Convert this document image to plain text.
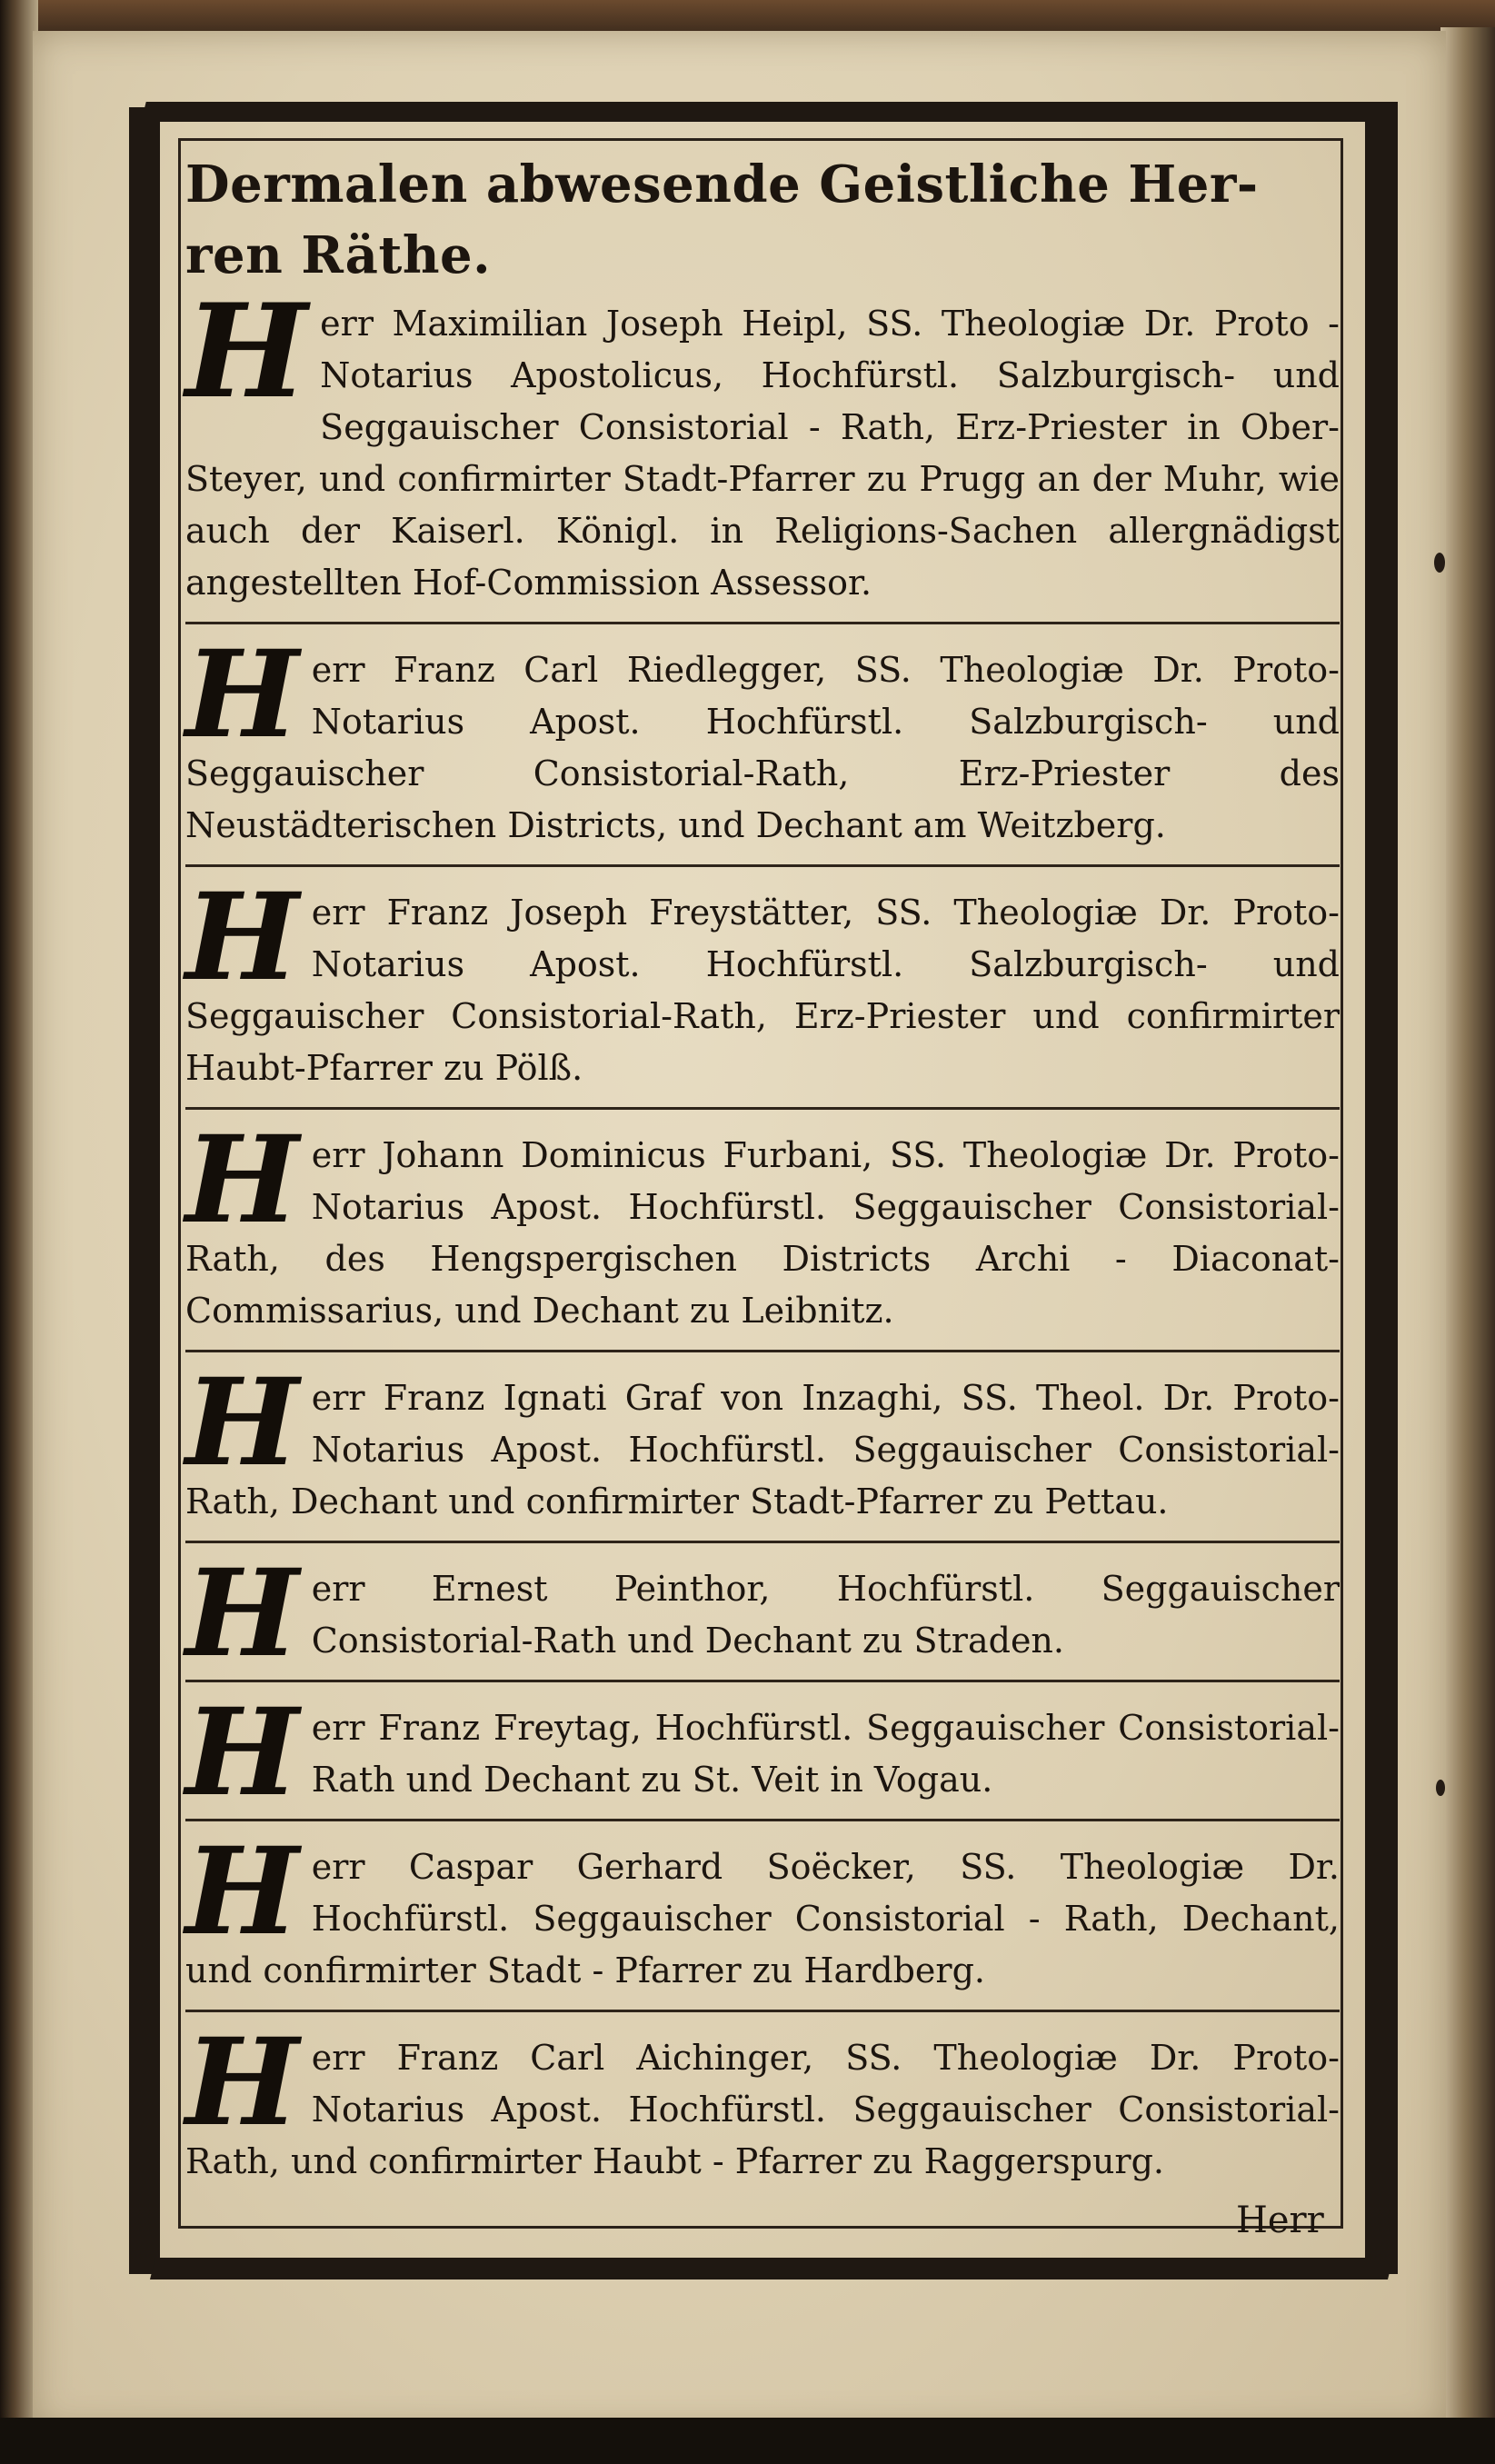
Dermalen abwesende Geistliche Her-
ren Räthe.

H err Maximilian Joseph Heipl, SS. Theologiæ Dr. Proto - Notarius Apostolicus, Hochfürstl. Salzburgisch- und Seggauischer Consistorial - Rath, Erz-Priester in Ober-Steyer, und confirmirter Stadt-Pfarrer zu Prugg an der Muhr, wie auch der Kaiserl. Königl. in Religions-Sachen allergnädigst angestellten Hof-Commission Assessor.

H err Franz Carl Riedlegger, SS. Theologiæ Dr. Proto-Notarius Apost. Hochfürstl. Salzburgisch- und Seggauischer Consistorial-Rath, Erz-Priester des Neustädterischen Districts, und Dechant am Weitzberg.

H err Franz Joseph Freystätter, SS. Theologiæ Dr. Proto-Notarius Apost. Hochfürstl. Salzburgisch- und Seggauischer Consistorial-Rath, Erz-Priester und confirmirter Haubt-Pfarrer zu Pölß.

H err Johann Dominicus Furbani, SS. Theologiæ Dr. Proto-Notarius Apost. Hochfürstl. Seggauischer Consistorial-Rath, des Hengspergischen Districts Archi - Diaconat-Commissarius, und Dechant zu Leibnitz.

H err Franz Ignati Graf von Inzaghi, SS. Theol. Dr. Proto-Notarius Apost. Hochfürstl. Seggauischer Consistorial-Rath, Dechant und confirmirter Stadt-Pfarrer zu Pettau.

H err Ernest Peinthor, Hochfürstl. Seggauischer Consistorial-Rath und Dechant zu Straden.

H err Franz Freytag, Hochfürstl. Seggauischer Consistorial-Rath und Dechant zu St. Veit in Vogau.

H err Caspar Gerhard Soëcker, SS. Theologiæ Dr. Hochfürstl. Seggauischer Consistorial - Rath, Dechant, und confirmirter Stadt - Pfarrer zu Hardberg.

H err Franz Carl Aichinger, SS. Theologiæ Dr. Proto-Notarius Apost. Hochfürstl. Seggauischer Consistorial-Rath, und confirmirter Haubt - Pfarrer zu Raggerspurg.

Herr
